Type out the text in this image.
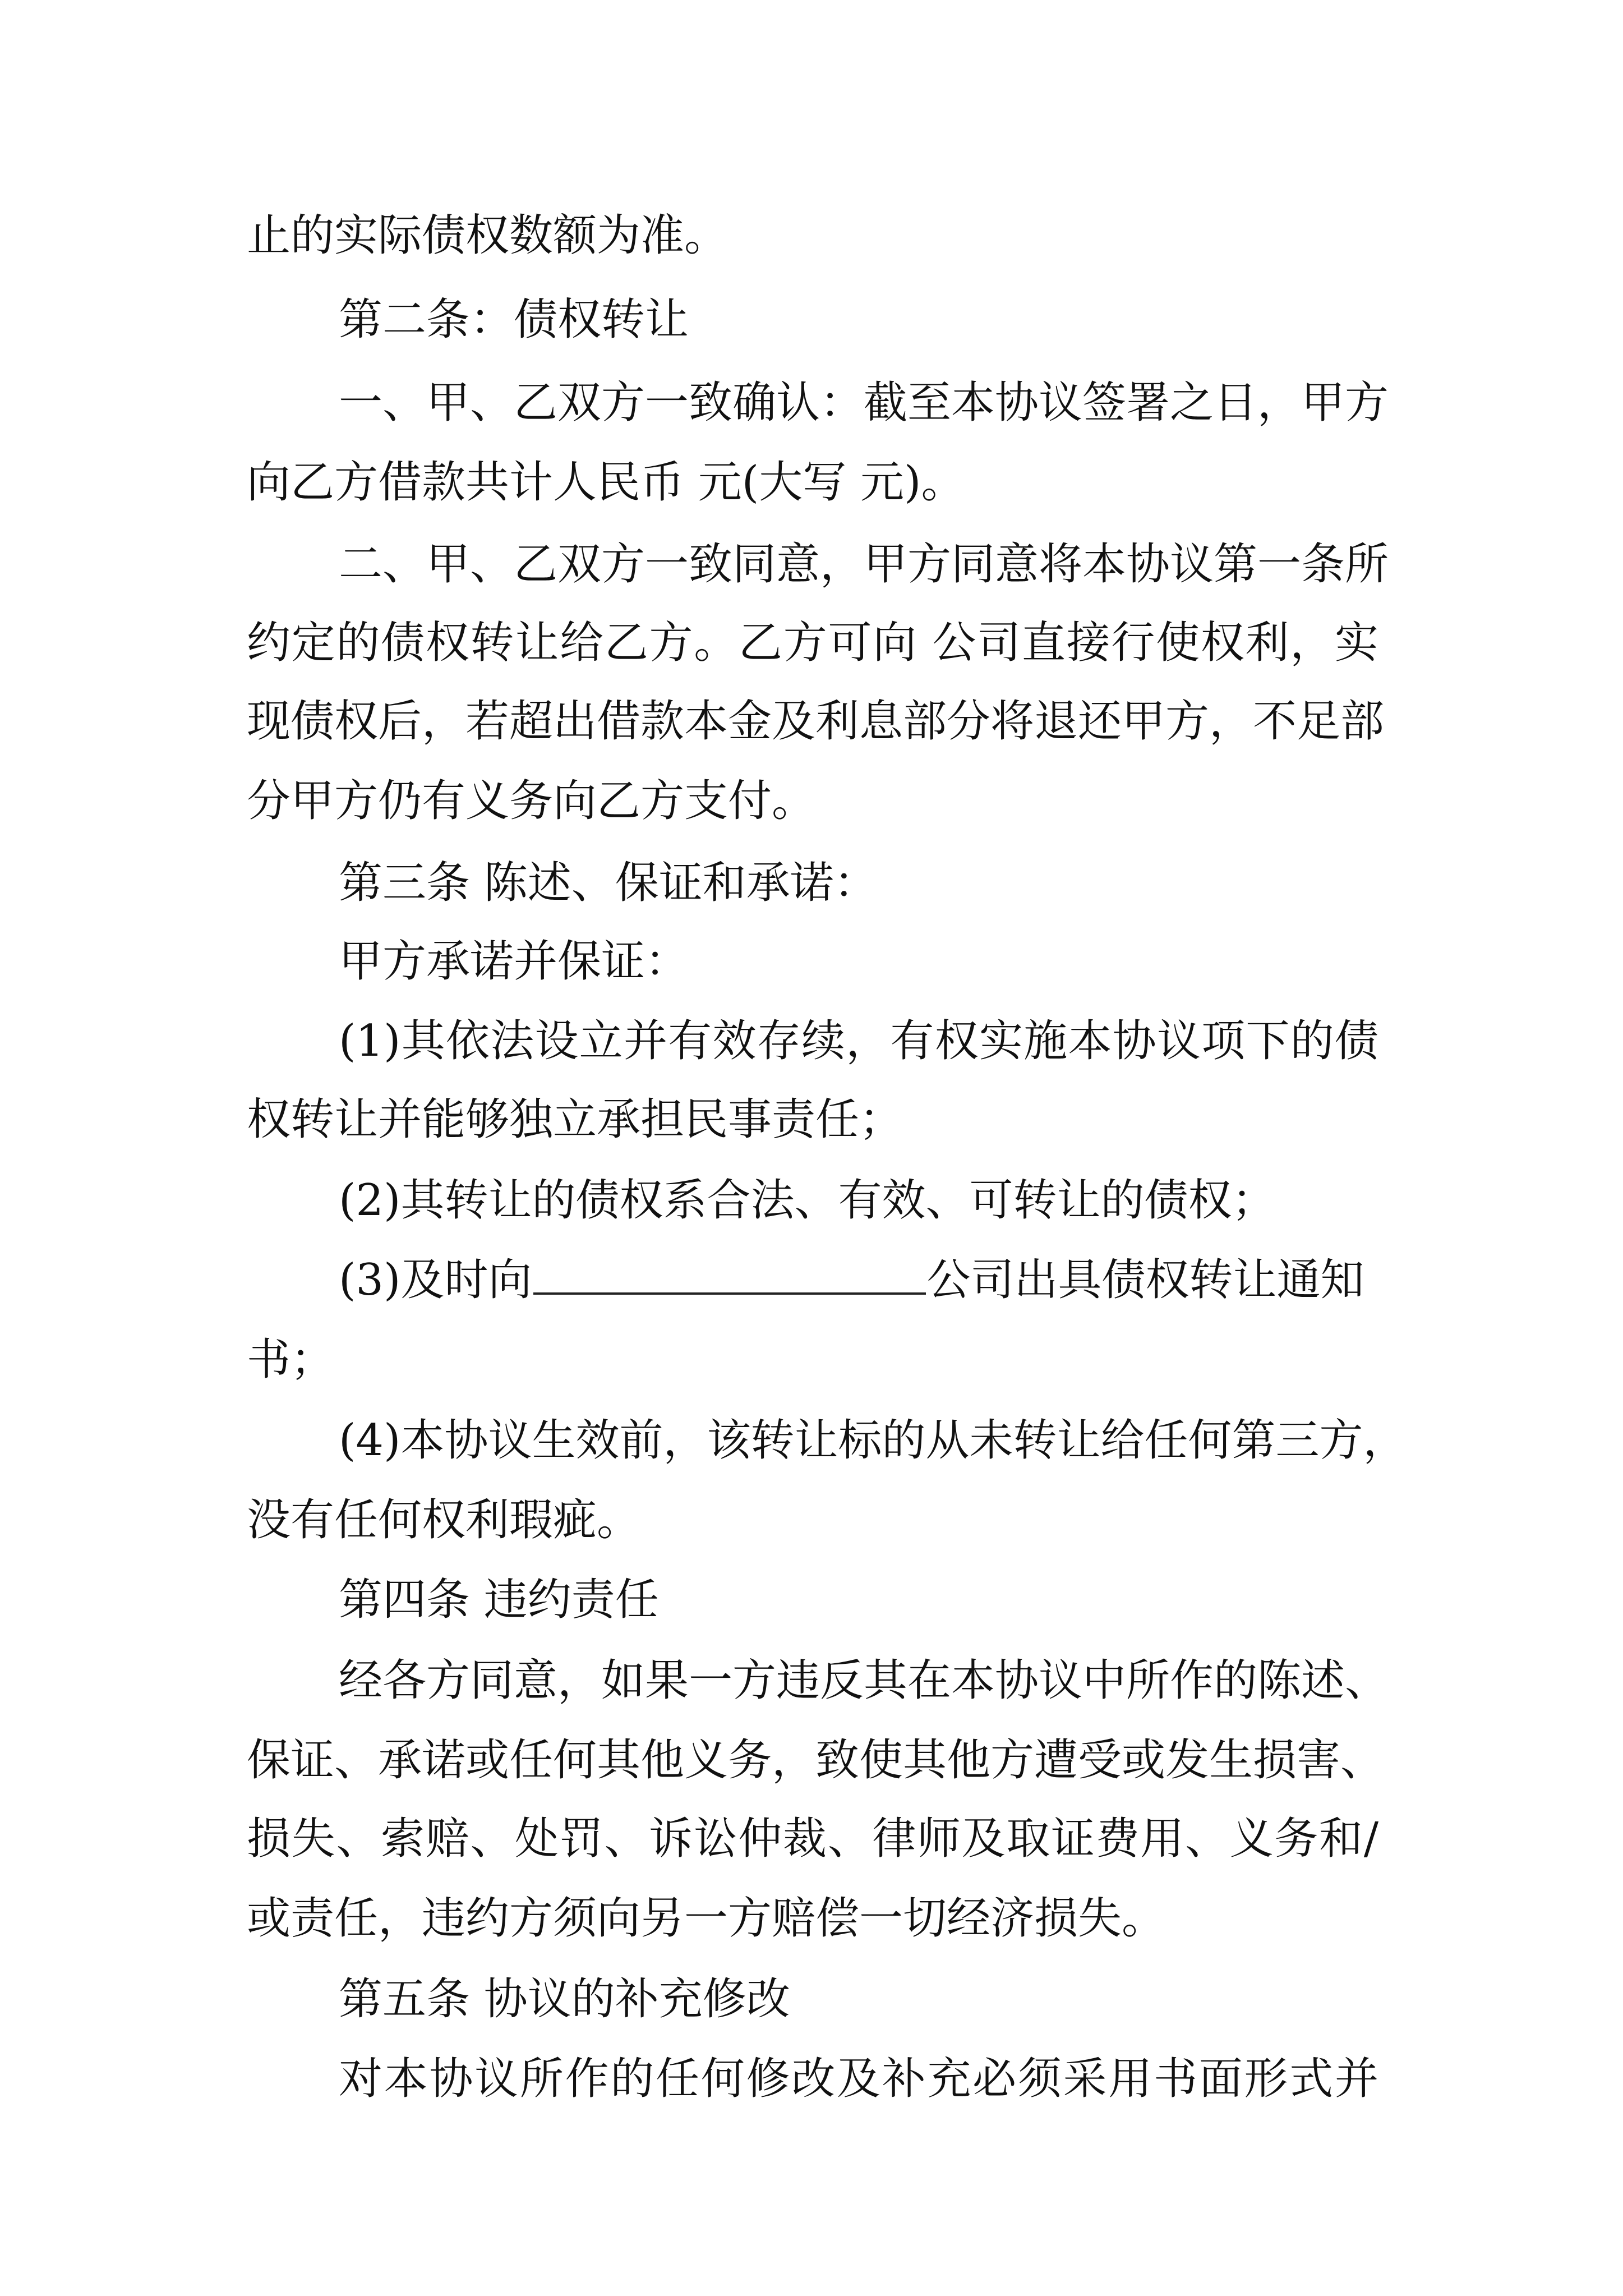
止的实际债权数额为准。
第二条：债权转让
一、甲、乙双方一致确认：截至本协议签署之日，甲方
向乙方借款共计人民币 元(大写 元)。
二、甲、乙双方一致同意，甲方同意将本协议第一条所
约定的债权转让给乙方。乙方可向 公司直接行使权利，实
现债权后，若超出借款本金及利息部分将退还甲方，不足部
分甲方仍有义务向乙方支付。
第三条 陈述、保证和承诺：
甲方承诺并保证：
(1)其依法设立并有效存续，有权实施本协议项下的债
权转让并能够独立承担民事责任；
(2)其转让的债权系合法、有效、可转让的债权；
(3)及时向	公司出具债权转让通知
书；
(4)本协议生效前，该转让标的从未转让给任何第三方，
没有任何权利瑕疵。
第四条 违约责任
经各方同意，如果一方违反其在本协议中所作的陈述、
保证、承诺或任何其他义务，致使其他方遭受或发生损害、
损失、索赔、处罚、诉讼仲裁、律师及取证费用、义务和/
或责任，违约方须向另一方赔偿一切经济损失。
第五条 协议的补充修改
对本协议所作的任何修改及补充必须采用书面形式并
